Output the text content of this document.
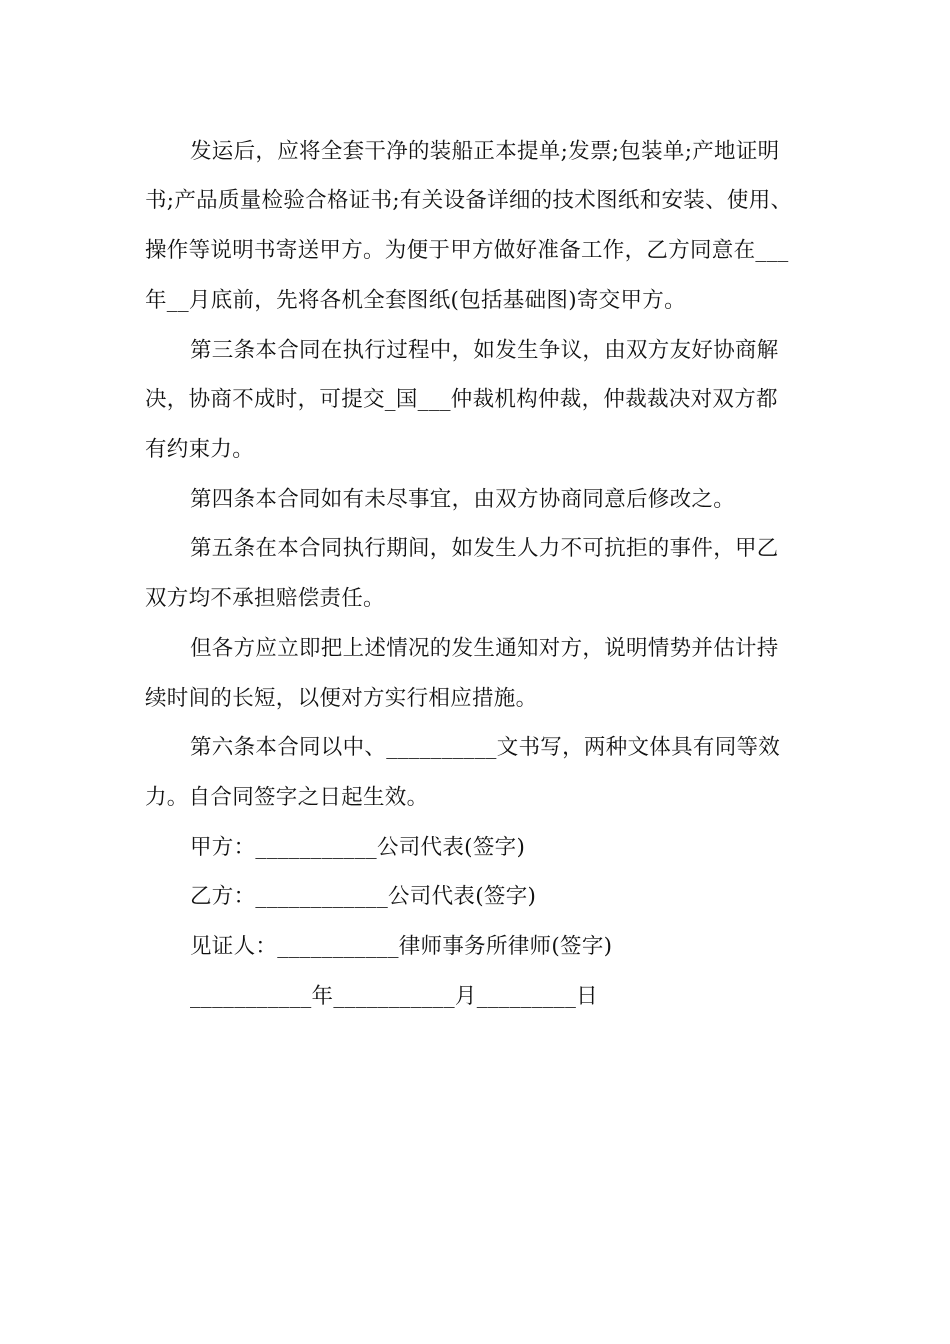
发运后，应将全套干净的装船正本提单;发票;包装单;产地证明
书;产品质量检验合格证书;有关设备详细的技术图纸和安装、使用、
操作等说明书寄送甲方。为便于甲方做好准备工作，乙方同意在___
年__月底前，先将各机全套图纸(包括基础图)寄交甲方。
第三条本合同在执行过程中，如发生争议，由双方友好协商解
决，协商不成时，可提交_国___仲裁机构仲裁，仲裁裁决对双方都
有约束力。
第四条本合同如有未尽事宜，由双方协商同意后修改之。
第五条在本合同执行期间，如发生人力不可抗拒的事件，甲乙
双方均不承担赔偿责任。
但各方应立即把上述情况的发生通知对方，说明情势并估计持
续时间的长短，以便对方实行相应措施。
第六条本合同以中、__________文书写，两种文体具有同等效
力。自合同签字之日起生效。
甲方：___________公司代表(签字)
乙方：____________公司代表(签字)
见证人：___________律师事务所律师(签字)
___________年___________月_________日
